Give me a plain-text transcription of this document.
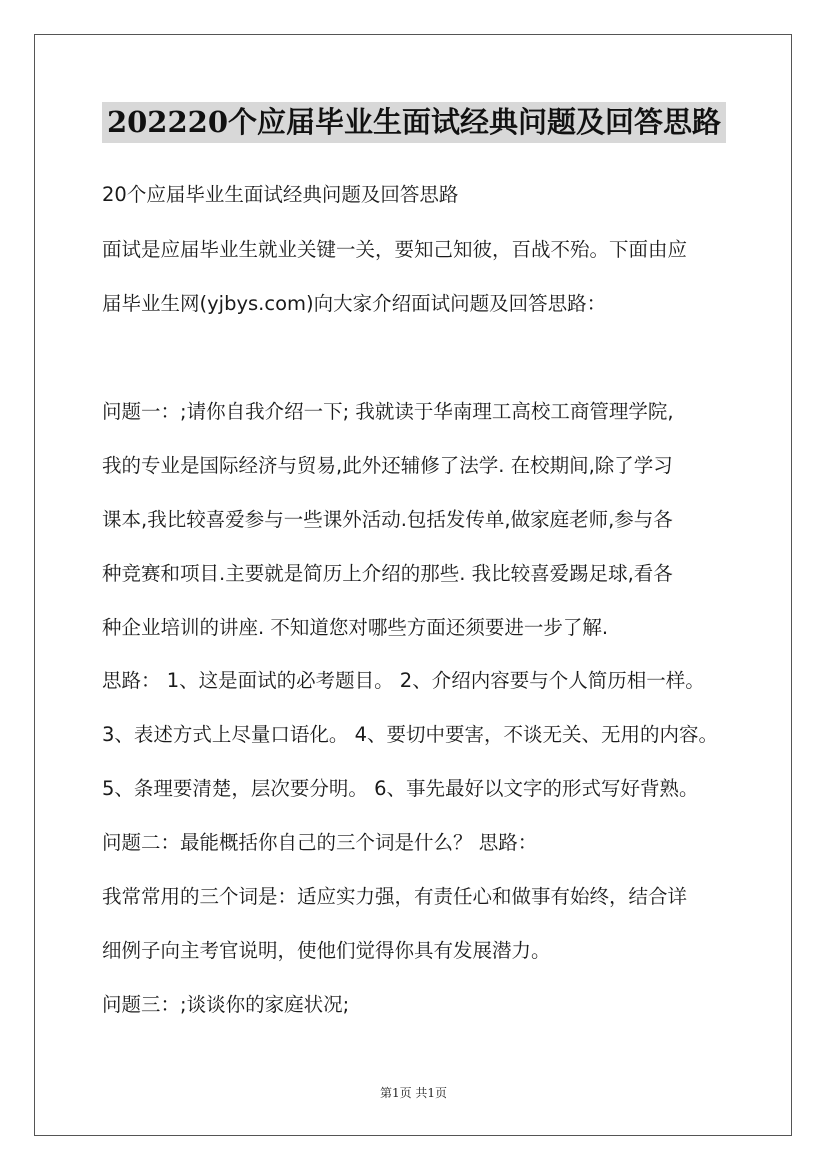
202220个应届毕业生面试经典问题及回答思路
20个应届毕业生面试经典问题及回答思路
面试是应届毕业生就业关键一关，要知己知彼，百战不殆。下面由应
届毕业生网(yjbys.com)向大家介绍面试问题及回答思路：
问题一：;请你自我介绍一下; 我就读于华南理工高校工商管理学院,
我的专业是国际经济与贸易,此外还辅修了法学. 在校期间,除了学习
课本,我比较喜爱参与一些课外活动.包括发传单,做家庭老师,参与各
种竞赛和项目.主要就是简历上介绍的那些. 我比较喜爱踢足球,看各
种企业培训的讲座. 不知道您对哪些方面还须要进一步了解.
思路： 1、这是面试的必考题目。 2、介绍内容要与个人简历相一样。
3、表述方式上尽量口语化。 4、要切中要害，不谈无关、无用的内容。
5、条理要清楚，层次要分明。 6、事先最好以文字的形式写好背熟。
问题二：最能概括你自己的三个词是什么？ 思路：
我常常用的三个词是：适应实力强，有责任心和做事有始终，结合详
细例子向主考官说明，使他们觉得你具有发展潜力。
问题三：;谈谈你的家庭状况;
第1页 共1页
